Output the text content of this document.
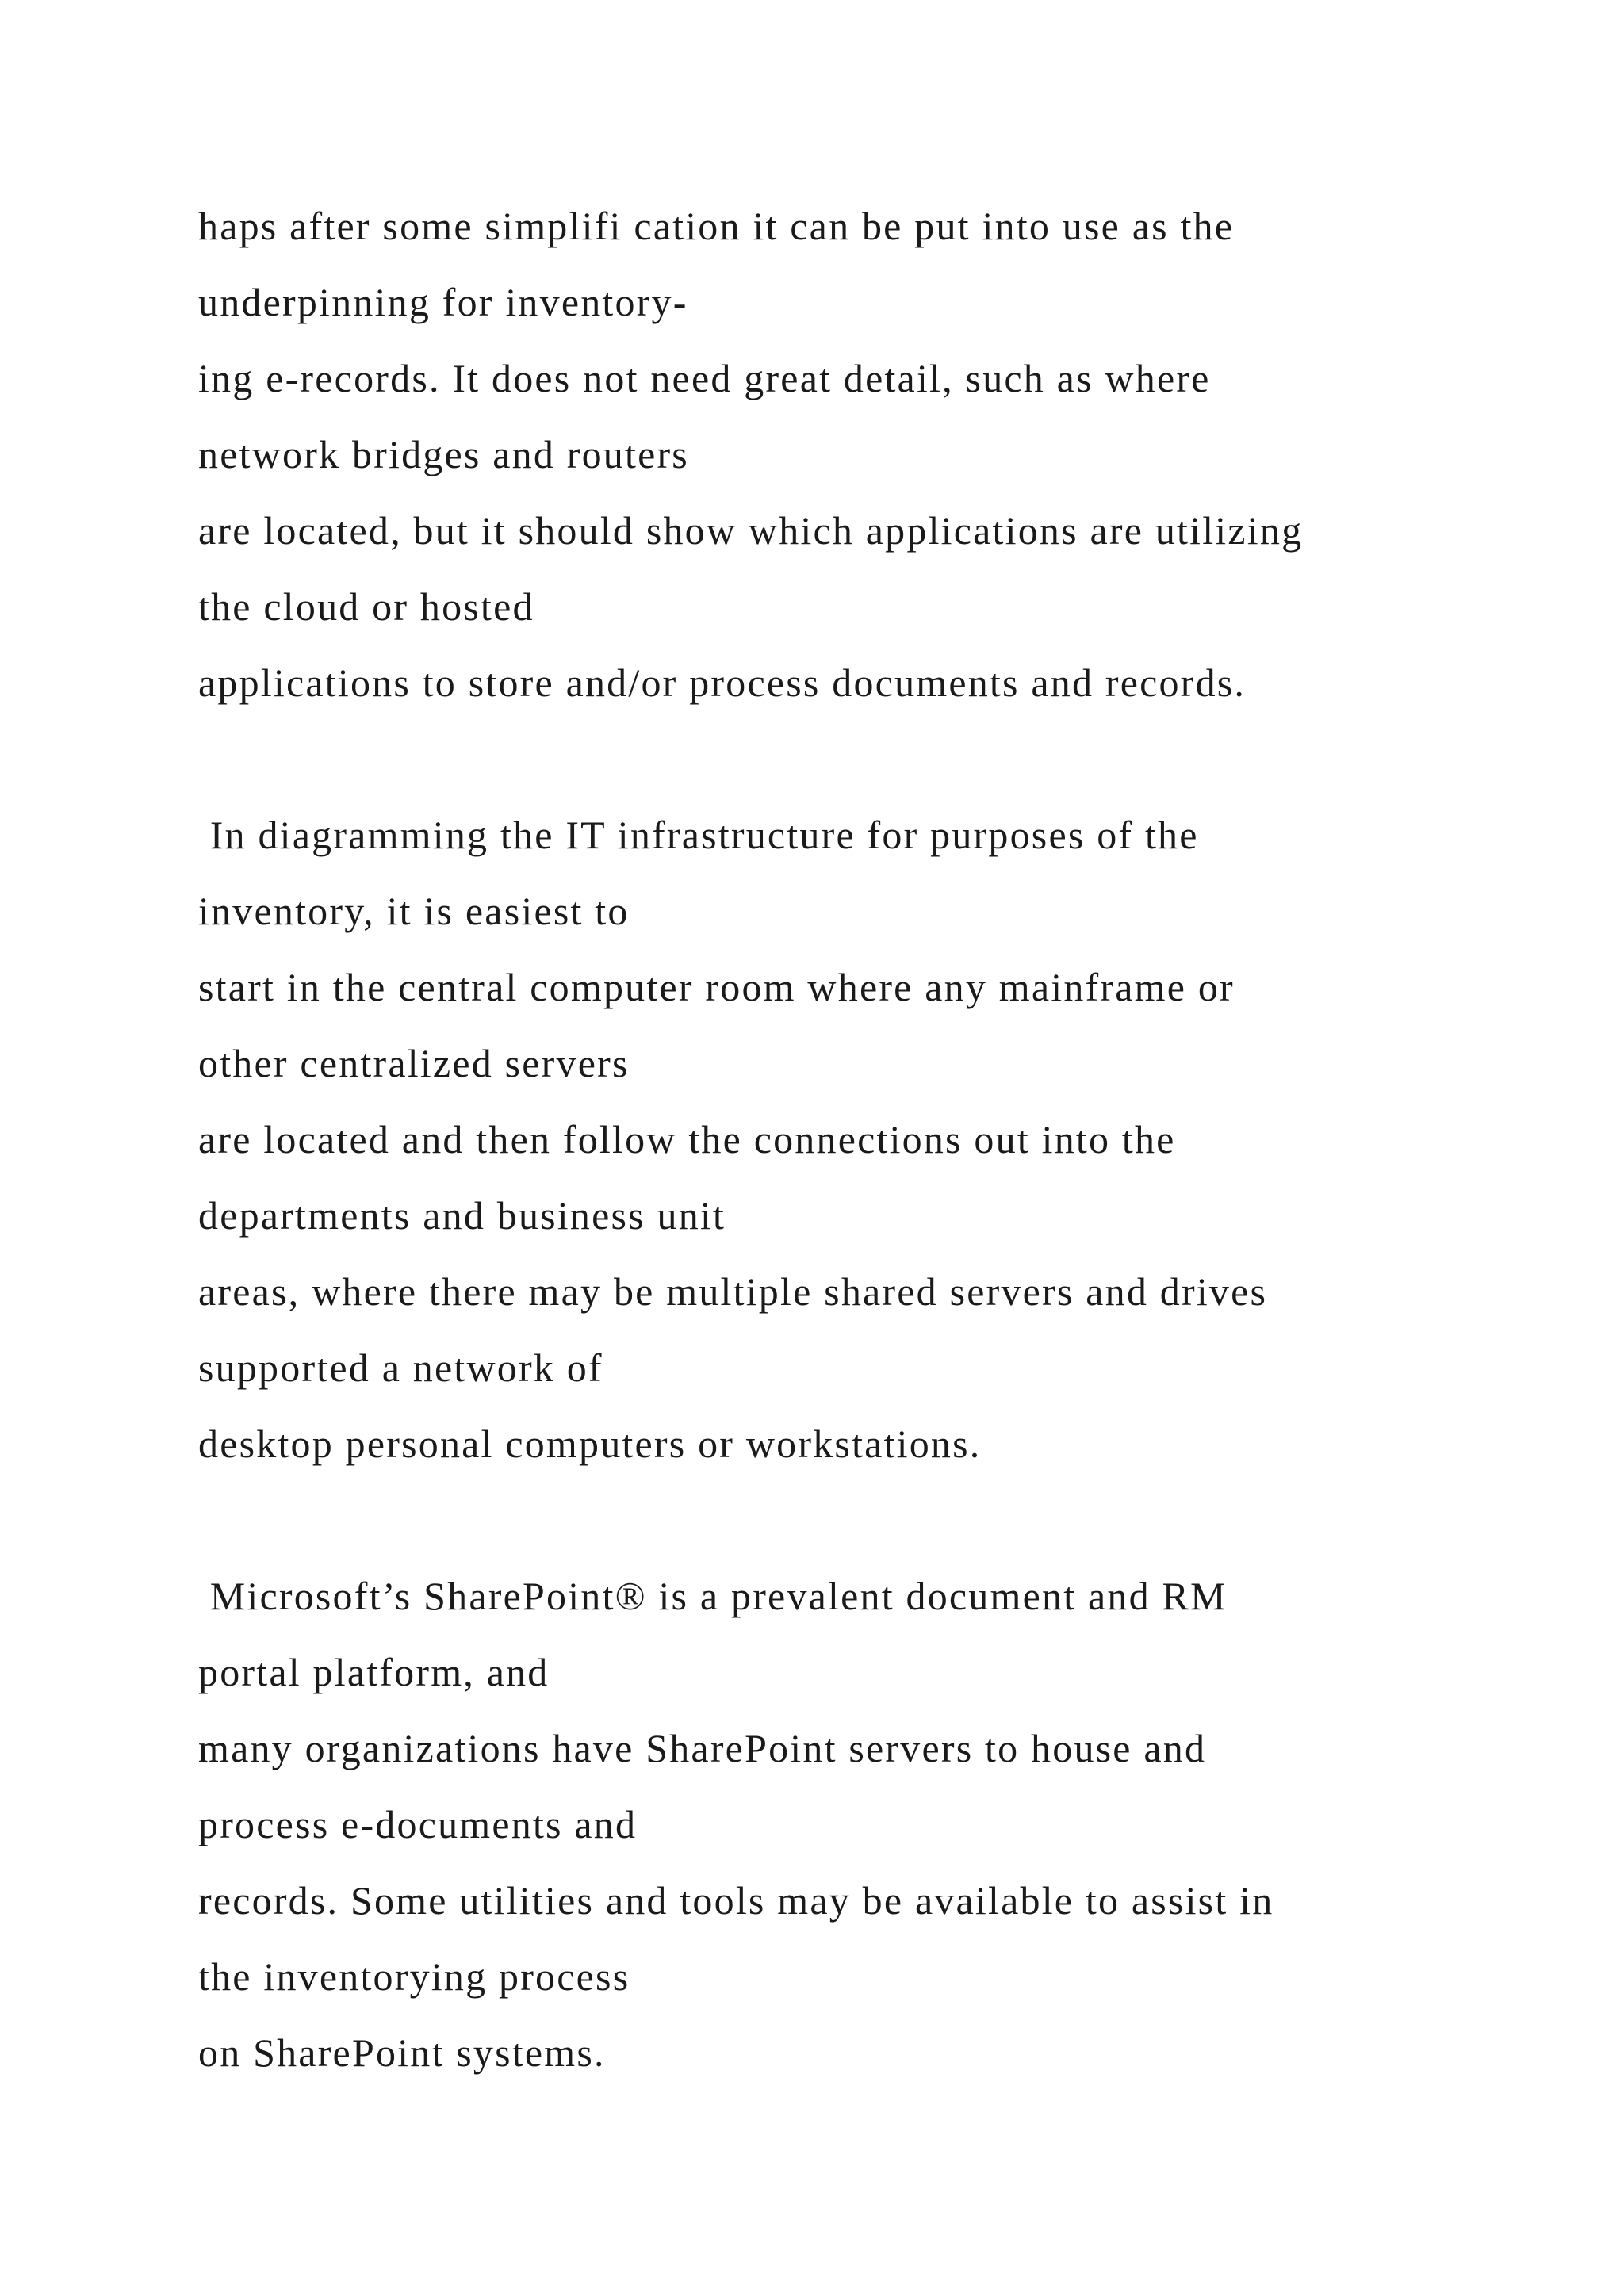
haps after some simplifi cation it can be put into use as the
underpinning for inventory-
ing e-records. It does not need great detail, such as where
network bridges and routers
are located, but it should show which applications are utilizing
the cloud or hosted
applications to store and/or process documents and records.
In diagramming the IT infrastructure for purposes of the
inventory, it is easiest to
start in the central computer room where any mainframe or
other centralized servers
are located and then follow the connections out into the
departments and business unit
areas, where there may be multiple shared servers and drives
supported a network of
desktop personal computers or workstations.
Microsoft’s SharePoint® is a prevalent document and RM
portal platform, and
many organizations have SharePoint servers to house and
process e-documents and
records. Some utilities and tools may be available to assist in
the inventorying process
on SharePoint systems.
